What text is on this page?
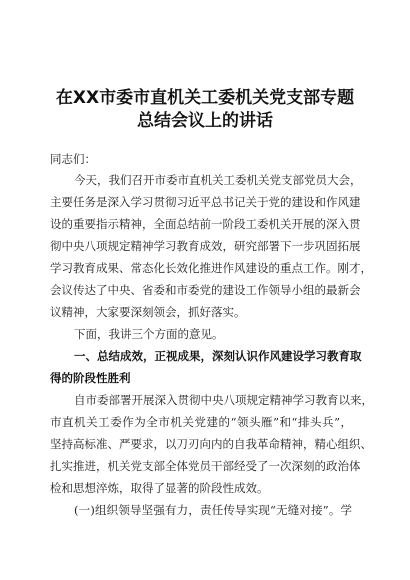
在XX市委市直机关工委机关党支部专题
总结会议上的讲话
同志们：
今天，我们召开市委市直机关工委机关党支部党员大会，
主要任务是深入学习贯彻习近平总书记关于党的建设和作风建
设的重要指示精神，全面总结前一阶段工委机关开展的深入贯
彻中央八项规定精神学习教育成效，研究部署下一步巩固拓展
学习教育成果、常态化长效化推进作风建设的重点工作。刚才，
会议传达了中央、省委和市委党的建设工作领导小组的最新会
议精神，大家要深刻领会，抓好落实。
下面，我讲三个方面的意见。
一、总结成效，正视成果，深刻认识作风建设学习教育取
得的阶段性胜利
自市委部署开展深入贯彻中央八项规定精神学习教育以来，
市直机关工委作为全市机关党建的“领头雁”和“排头兵”，
坚持高标准、严要求，以刀刃向内的自我革命精神，精心组织、
扎实推进，机关党支部全体党员干部经受了一次深刻的政治体
检和思想淬炼，取得了显著的阶段性成效。
(一)组织领导坚强有力，责任传导实现“无缝对接”。学
